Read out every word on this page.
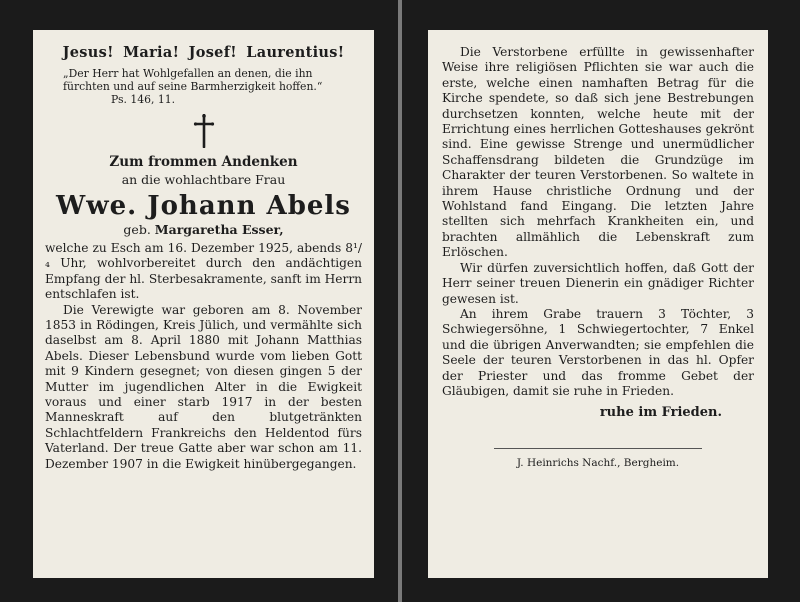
Jesus! Maria! Josef! Laurentius!
„Der Herr hat Wohlgefallen an denen, die ihn fürchten und auf seine Barmherzigkeit hoffen.“ Ps. 146, 11.
Zum frommen Andenken
an die wohlachtbare Frau
Wwe. Johann Abels
geb. Margaretha Esser,

welche zu Esch am 16. Dezember 1925, abends 8¹/₄ Uhr, wohlvorbereitet durch den andächtigen Empfang der hl. Sterbesakramente, sanft im Herrn entschlafen ist.

Die Verewigte war geboren am 8. November 1853 in Rödingen, Kreis Jülich, und vermählte sich daselbst am 8. April 1880 mit Johann Matthias Abels. Dieser Lebensbund wurde vom lieben Gott mit 9 Kindern gesegnet; von diesen gingen 5 der Mutter im jugendlichen Alter in die Ewigkeit voraus und einer starb 1917 in der besten Manneskraft auf den blutgetränkten Schlachtfeldern Frankreichs den Heldentod fürs Vaterland. Der treue Gatte aber war schon am 11. Dezember 1907 in die Ewigkeit hinübergegangen.

Die Verstorbene erfüllte in gewissenhafter Weise ihre religiösen Pflichten sie war auch die erste, welche einen namhaften Betrag für die Kirche spendete, so daß sich jene Bestrebungen durchsetzen konnten, welche heute mit der Errichtung eines herrlichen Gotteshauses gekrönt sind. Eine gewisse Strenge und unermüdlicher Schaffensdrang bildeten die Grundzüge im Charakter der teuren Verstorbenen. So waltete in ihrem Hause christliche Ordnung und der Wohlstand fand Eingang. Die letzten Jahre stellten sich mehrfach Krankheiten ein, und brachten allmählich die Lebenskraft zum Erlöschen.

Wir dürfen zuversichtlich hoffen, daß Gott der Herr seiner treuen Dienerin ein gnädiger Richter gewesen ist.

An ihrem Grabe trauern 3 Töchter, 3 Schwiegersöhne, 1 Schwiegertochter, 7 Enkel und die übrigen Anverwandten; sie empfehlen die Seele der teuren Verstorbenen in das hl. Opfer der Priester und das fromme Gebet der Gläubigen, damit sie ruhe in Frieden.

ruhe im Frieden.
J. Heinrichs Nachf., Bergheim.
